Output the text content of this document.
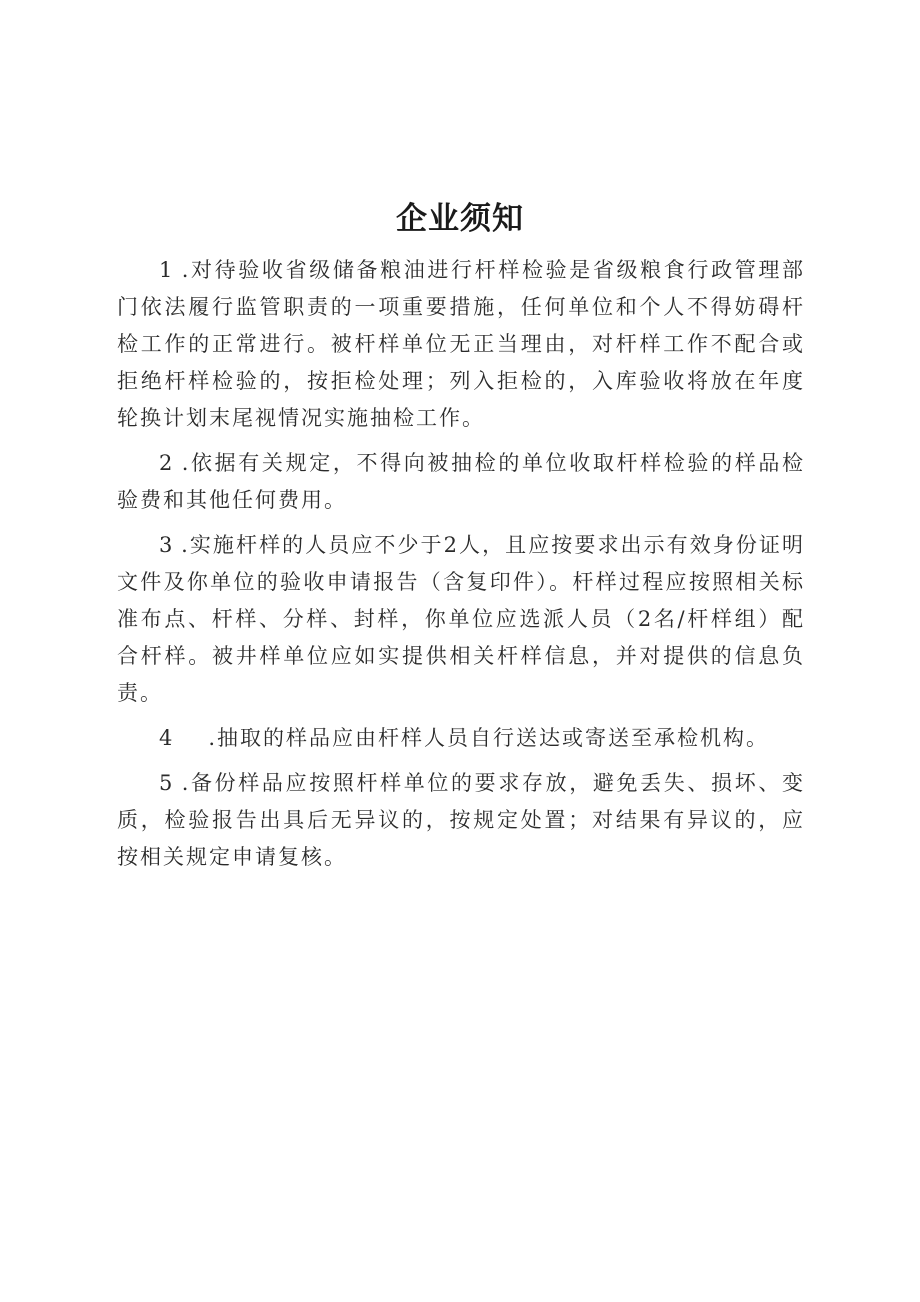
企业须知

1 .对待验收省级储备粮油进行杆样检验是省级粮食行政管理部门依法履行监管职责的一项重要措施，任何单位和个人不得妨碍杆检工作的正常进行。被杆样单位无正当理由，对杆样工作不配合或拒绝杆样检验的，按拒检处理；列入拒检的，入库验收将放在年度轮换计划末尾视情况实施抽检工作。

2 .依据有关规定，不得向被抽检的单位收取杆样检验的样品检验费和其他任何费用。

3 .实施杆样的人员应不少于2人，且应按要求出示有效身份证明文件及你单位的验收申请报告（含复印件）。杆样过程应按照相关标准布点、杆样、分样、封样，你单位应选派人员（2名/杆样组）配合杆样。被井样单位应如实提供相关杆样信息，并对提供的信息负责。

4 .抽取的样品应由杆样人员自行送达或寄送至承检机构。

5 .备份样品应按照杆样单位的要求存放，避免丢失、损坏、变质，检验报告出具后无异议的，按规定处置；对结果有异议的，应按相关规定申请复核。
